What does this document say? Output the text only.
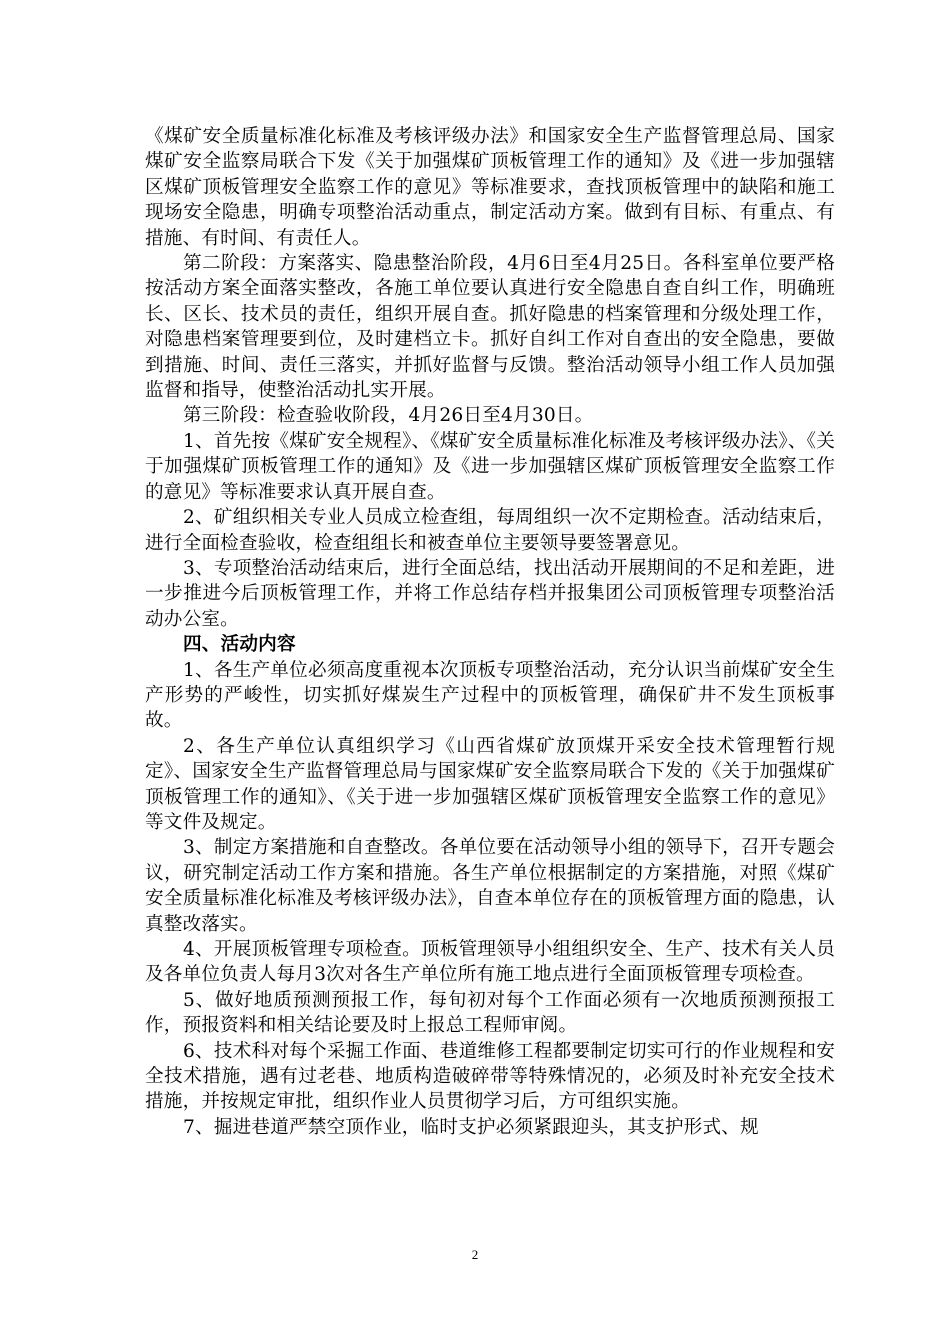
《煤矿安全质量标准化标准及考核评级办法》和国家安全生产监督管理总局、国家煤矿安全监察局联合下发《关于加强煤矿顶板管理工作的通知》及《进一步加强辖区煤矿顶板管理安全监察工作的意见》等标准要求，查找顶板管理中的缺陷和施工现场安全隐患，明确专项整治活动重点，制定活动方案。做到有目标、有重点、有措施、有时间、有责任人。

第二阶段：方案落实、隐患整治阶段，4月6日至4月25日。各科室单位要严格按活动方案全面落实整改，各施工单位要认真进行安全隐患自查自纠工作，明确班长、区长、技术员的责任，组织开展自查。抓好隐患的档案管理和分级处理工作，对隐患档案管理要到位，及时建档立卡。抓好自纠工作对自查出的安全隐患，要做到措施、时间、责任三落实，并抓好监督与反馈。整治活动领导小组工作人员加强监督和指导，使整治活动扎实开展。

第三阶段：检查验收阶段，4月26日至4月30日。

1、首先按《煤矿安全规程》、《煤矿安全质量标准化标准及考核评级办法》、《关于加强煤矿顶板管理工作的通知》及《进一步加强辖区煤矿顶板管理安全监察工作的意见》等标准要求认真开展自查。

2、矿组织相关专业人员成立检查组，每周组织一次不定期检查。活动结束后，进行全面检查验收，检查组组长和被查单位主要领导要签署意见。

3、专项整治活动结束后，进行全面总结，找出活动开展期间的不足和差距，进一步推进今后顶板管理工作，并将工作总结存档并报集团公司顶板管理专项整治活动办公室。

四、活动内容

1、各生产单位必须高度重视本次顶板专项整治活动，充分认识当前煤矿安全生产形势的严峻性，切实抓好煤炭生产过程中的顶板管理，确保矿井不发生顶板事故。

2、各生产单位认真组织学习《山西省煤矿放顶煤开采安全技术管理暂行规定》、国家安全生产监督管理总局与国家煤矿安全监察局联合下发的《关于加强煤矿顶板管理工作的通知》、《关于进一步加强辖区煤矿顶板管理安全监察工作的意见》等文件及规定。

3、制定方案措施和自查整改。各单位要在活动领导小组的领导下，召开专题会议，研究制定活动工作方案和措施。各生产单位根据制定的方案措施，对照《煤矿安全质量标准化标准及考核评级办法》，自查本单位存在的顶板管理方面的隐患，认真整改落实。

4、开展顶板管理专项检查。顶板管理领导小组组织安全、生产、技术有关人员及各单位负责人每月3次对各生产单位所有施工地点进行全面顶板管理专项检查。

5、做好地质预测预报工作，每旬初对每个工作面必须有一次地质预测预报工作，预报资料和相关结论要及时上报总工程师审阅。

6、技术科对每个采掘工作面、巷道维修工程都要制定切实可行的作业规程和安全技术措施，遇有过老巷、地质构造破碎带等特殊情况的，必须及时补充安全技术措施，并按规定审批，组织作业人员贯彻学习后，方可组织实施。

7、掘进巷道严禁空顶作业，临时支护必须紧跟迎头，其支护形式、规

2
